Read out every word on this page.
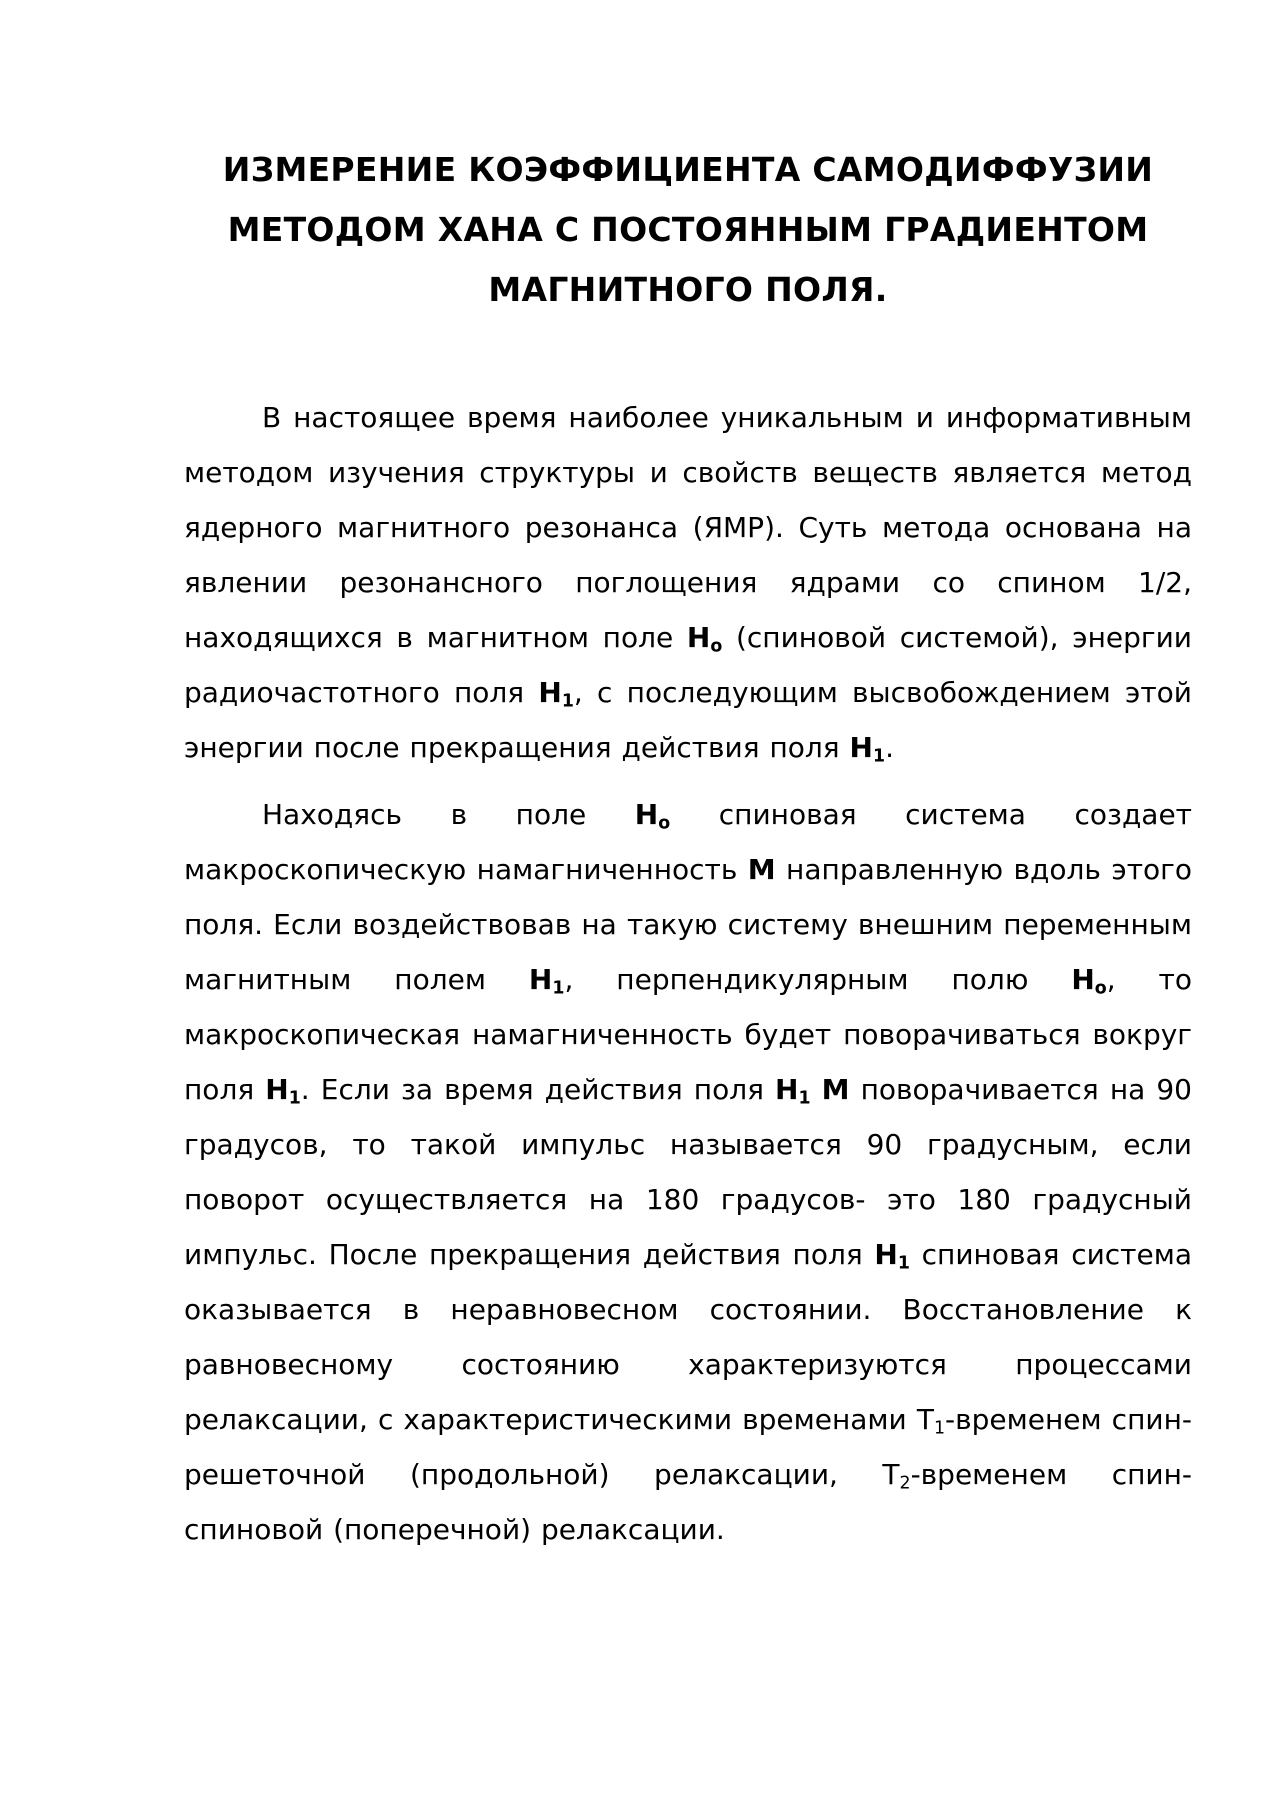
ИЗМЕРЕНИЕ КОЭФФИЦИЕНТА САМОДИФФУЗИИ
МЕТОДОМ ХАНА С ПОСТОЯННЫМ ГРАДИЕНТОМ
МАГНИТНОГО ПОЛЯ.

В настоящее время наиболее уникальным и информативным методом изучения структуры и свойств веществ является метод ядерного магнитного резонанса (ЯМР). Суть метода основана на явлении резонансного поглощения ядрами со спином 1/2, находящихся в магнитном поле $H_o$ (спиновой системой), энергии радиочастотного поля $H_1$, с последующим высвобождением этой энергии после прекращения действия поля $H_1$.

Находясь в поле $H_o$ спиновая система создает макроскопическую намагниченность M направленную вдоль этого поля. Если воздействовав на такую систему внешним переменным магнитным полем $H_1$, перпендикулярным полю $H_o$, то макроскопическая намагниченность будет поворачиваться вокруг поля $H_1$. Если за время действия поля $H_1$ M поворачивается на 90 градусов, то такой импульс называется 90 градусным, если поворот осуществляется на 180 градусов- это 180 градусный импульс. После прекращения действия поля $H_1$ спиновая система оказывается в неравновесном состоянии. Восстановление к равновесному состоянию характеризуются процессами релаксации, с характеристическими временами $T_1$-временем спин-решеточной (продольной) релаксации, $T_2$-временем спин-спиновой (поперечной) релаксации.
